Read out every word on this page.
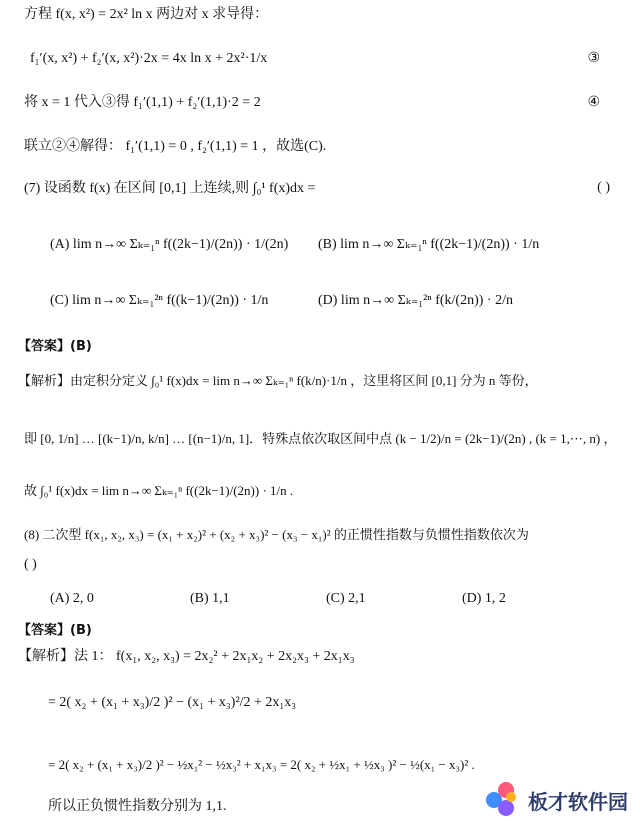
方程 f(x, x²) = 2x² ln x 两边对 x 求导得：
f₁′(x, x²) + f₂′(x, x²)·2x = 4x ln x + 2x²·1/x	③
将 x = 1 代入③得 f₁′(1,1) + f₂′(1,1)·2 = 2	④
联立②④解得： f₁′(1,1) = 0 , f₂′(1,1) = 1 ，故选(C).
(7) 设函数 f(x) 在区间 [0,1] 上连续,则 ∫₀¹ f(x)dx =	( )
(A) lim n→∞ Σₖ₌₁ⁿ f((2k−1)/(2n)) · 1/(2n) (B) lim n→∞ Σₖ₌₁ⁿ f((2k−1)/(2n)) · 1/n
(C) lim n→∞ Σₖ₌₁²ⁿ f((k−1)/(2n)) · 1/n	(D) lim n→∞ Σₖ₌₁²ⁿ f(k/(2n)) · 2/n
【答案】(B)
【解析】由定积分定义 ∫₀¹ f(x)dx = lim n→∞ Σₖ₌₁ⁿ f(k/n)·1/n ，这里将区间 [0,1] 分为 n 等份，
即 [0, 1/n] … [(k−1)/n, k/n] … [(n−1)/n, 1]．特殊点依次取区间中点 (k − 1/2)/n = (2k−1)/(2n) , (k = 1,⋯, n) ，
故 ∫₀¹ f(x)dx = lim n→∞ Σₖ₌₁ⁿ f((2k−1)/(2n)) · 1/n .
(8) 二次型 f(x₁, x₂, x₃) = (x₁ + x₂)² + (x₂ + x₃)² − (x₃ − x₁)² 的正惯性指数与负惯性指数依次为
( )
(A) 2, 0	(B) 1,1	(C) 2,1	(D) 1, 2
【答案】(B)
【解析】法 1： f(x₁, x₂, x₃) = 2x₂² + 2x₁x₂ + 2x₂x₃ + 2x₁x₃
= 2( x₂ + (x₁ + x₃)/2 )² − (x₁ + x₃)²/2 + 2x₁x₃
= 2( x₂ + (x₁ + x₃)/2 )² − ½x₁² − ½x₃² + x₁x₃ = 2( x₂ + ½x₁ + ½x₃ )² − ½(x₁ − x₃)² .
所以正负惯性指数分别为 1,1.	板才软件园
